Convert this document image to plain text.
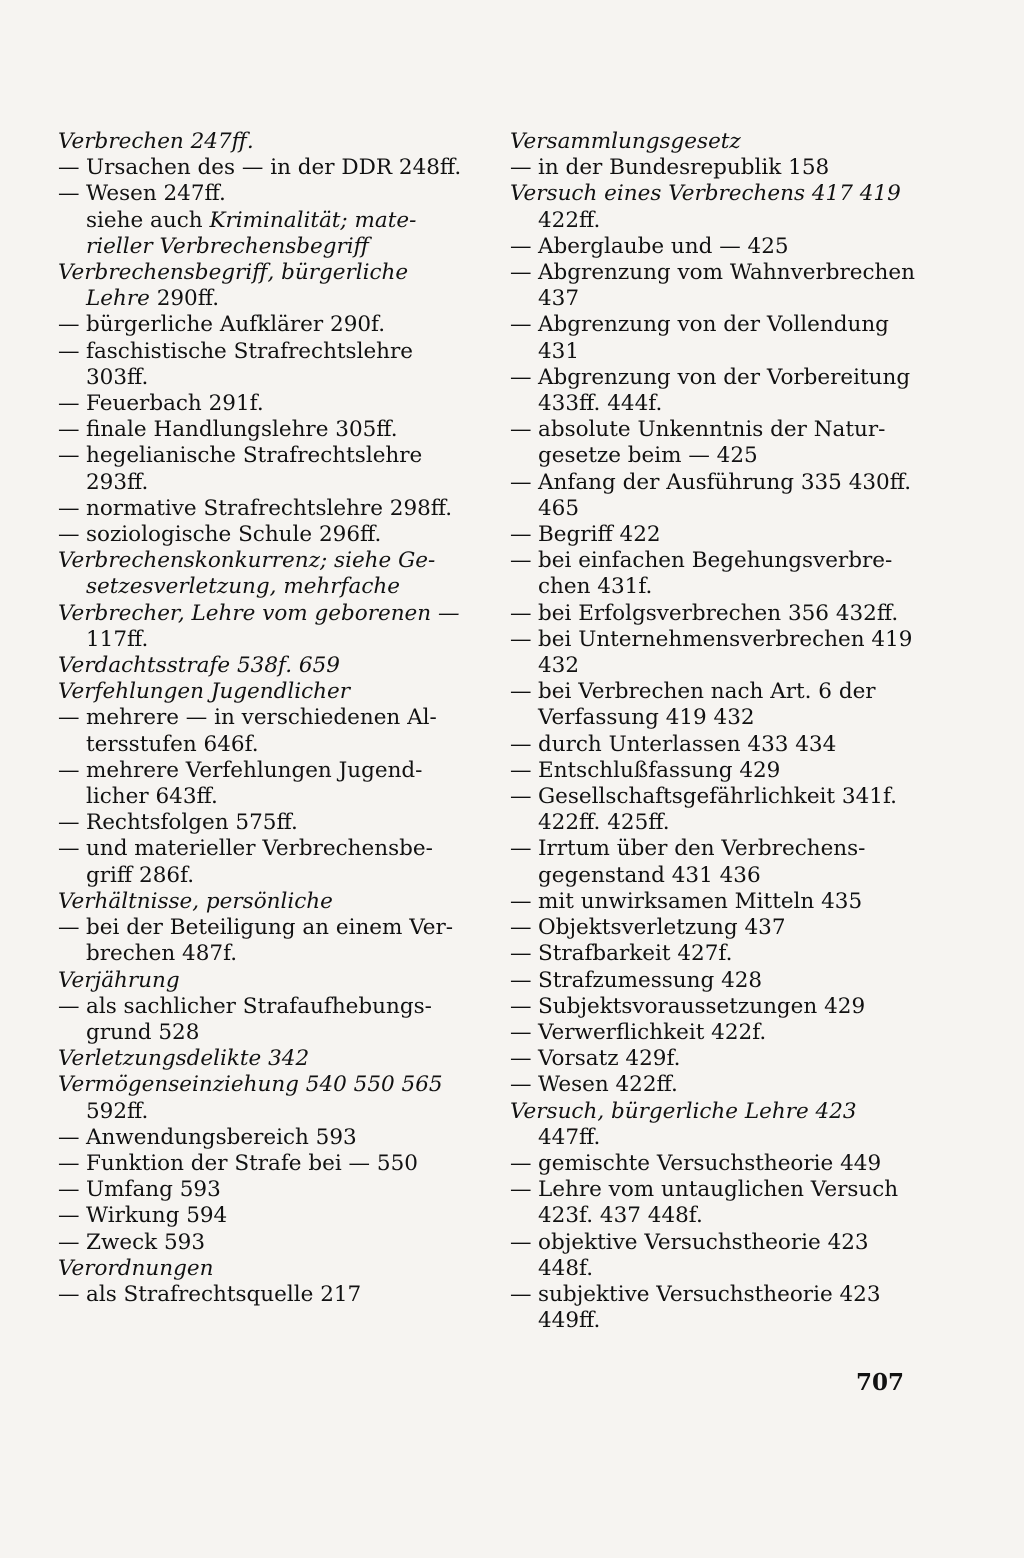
Verbrechen 247ff.
— Ursachen des — in der DDR 248ff.
— Wesen 247ff.
siehe auch Kriminalität; mate-
rieller Verbrechensbegriff
Verbrechensbegriff, bürgerliche
Lehre 290ff.
— bürgerliche Aufklärer 290f.
— faschistische Strafrechtslehre
303ff.
— Feuerbach 291f.
— finale Handlungslehre 305ff.
— hegelianische Strafrechtslehre
293ff.
— normative Strafrechtslehre 298ff.
— soziologische Schule 296ff.
Verbrechenskonkurrenz; siehe Ge-
setzesverletzung, mehrfache
Verbrecher, Lehre vom geborenen —
117ff.
Verdachtsstrafe 538f. 659
Verfehlungen Jugendlicher
— mehrere — in verschiedenen Al-
tersstufen 646f.
— mehrere Verfehlungen Jugend-
licher 643ff.
— Rechtsfolgen 575ff.
— und materieller Verbrechensbe-
griff 286f.
Verhältnisse, persönliche
— bei der Beteiligung an einem Ver-
brechen 487f.
Verjährung
— als sachlicher Strafaufhebungs-
grund 528
Verletzungsdelikte 342
Vermögenseinziehung 540 550 565
592ff.
— Anwendungsbereich 593
— Funktion der Strafe bei — 550
— Umfang 593
— Wirkung 594
— Zweck 593
Verordnungen
— als Strafrechtsquelle 217
Versammlungsgesetz
— in der Bundesrepublik 158
Versuch eines Verbrechens 417 419
422ff.
— Aberglaube und — 425
— Abgrenzung vom Wahnverbrechen
437
— Abgrenzung von der Vollendung
431
— Abgrenzung von der Vorbereitung
433ff. 444f.
— absolute Unkenntnis der Natur-
gesetze beim — 425
— Anfang der Ausführung 335 430ff.
465
— Begriff 422
— bei einfachen Begehungsverbre-
chen 431f.
— bei Erfolgsverbrechen 356 432ff.
— bei Unternehmensverbrechen 419
432
— bei Verbrechen nach Art. 6 der
Verfassung 419 432
— durch Unterlassen 433 434
— Entschlußfassung 429
— Gesellschaftsgefährlichkeit 341f.
422ff. 425ff.
— Irrtum über den Verbrechens-
gegenstand 431 436
— mit unwirksamen Mitteln 435
— Objektsverletzung 437
— Strafbarkeit 427f.
— Strafzumessung 428
— Subjektsvoraussetzungen 429
— Verwerflichkeit 422f.
— Vorsatz 429f.
— Wesen 422ff.
Versuch, bürgerliche Lehre 423
447ff.
— gemischte Versuchstheorie 449
— Lehre vom untauglichen Versuch
423f. 437 448f.
— objektive Versuchstheorie 423
448f.
— subjektive Versuchstheorie 423
449ff.
707
